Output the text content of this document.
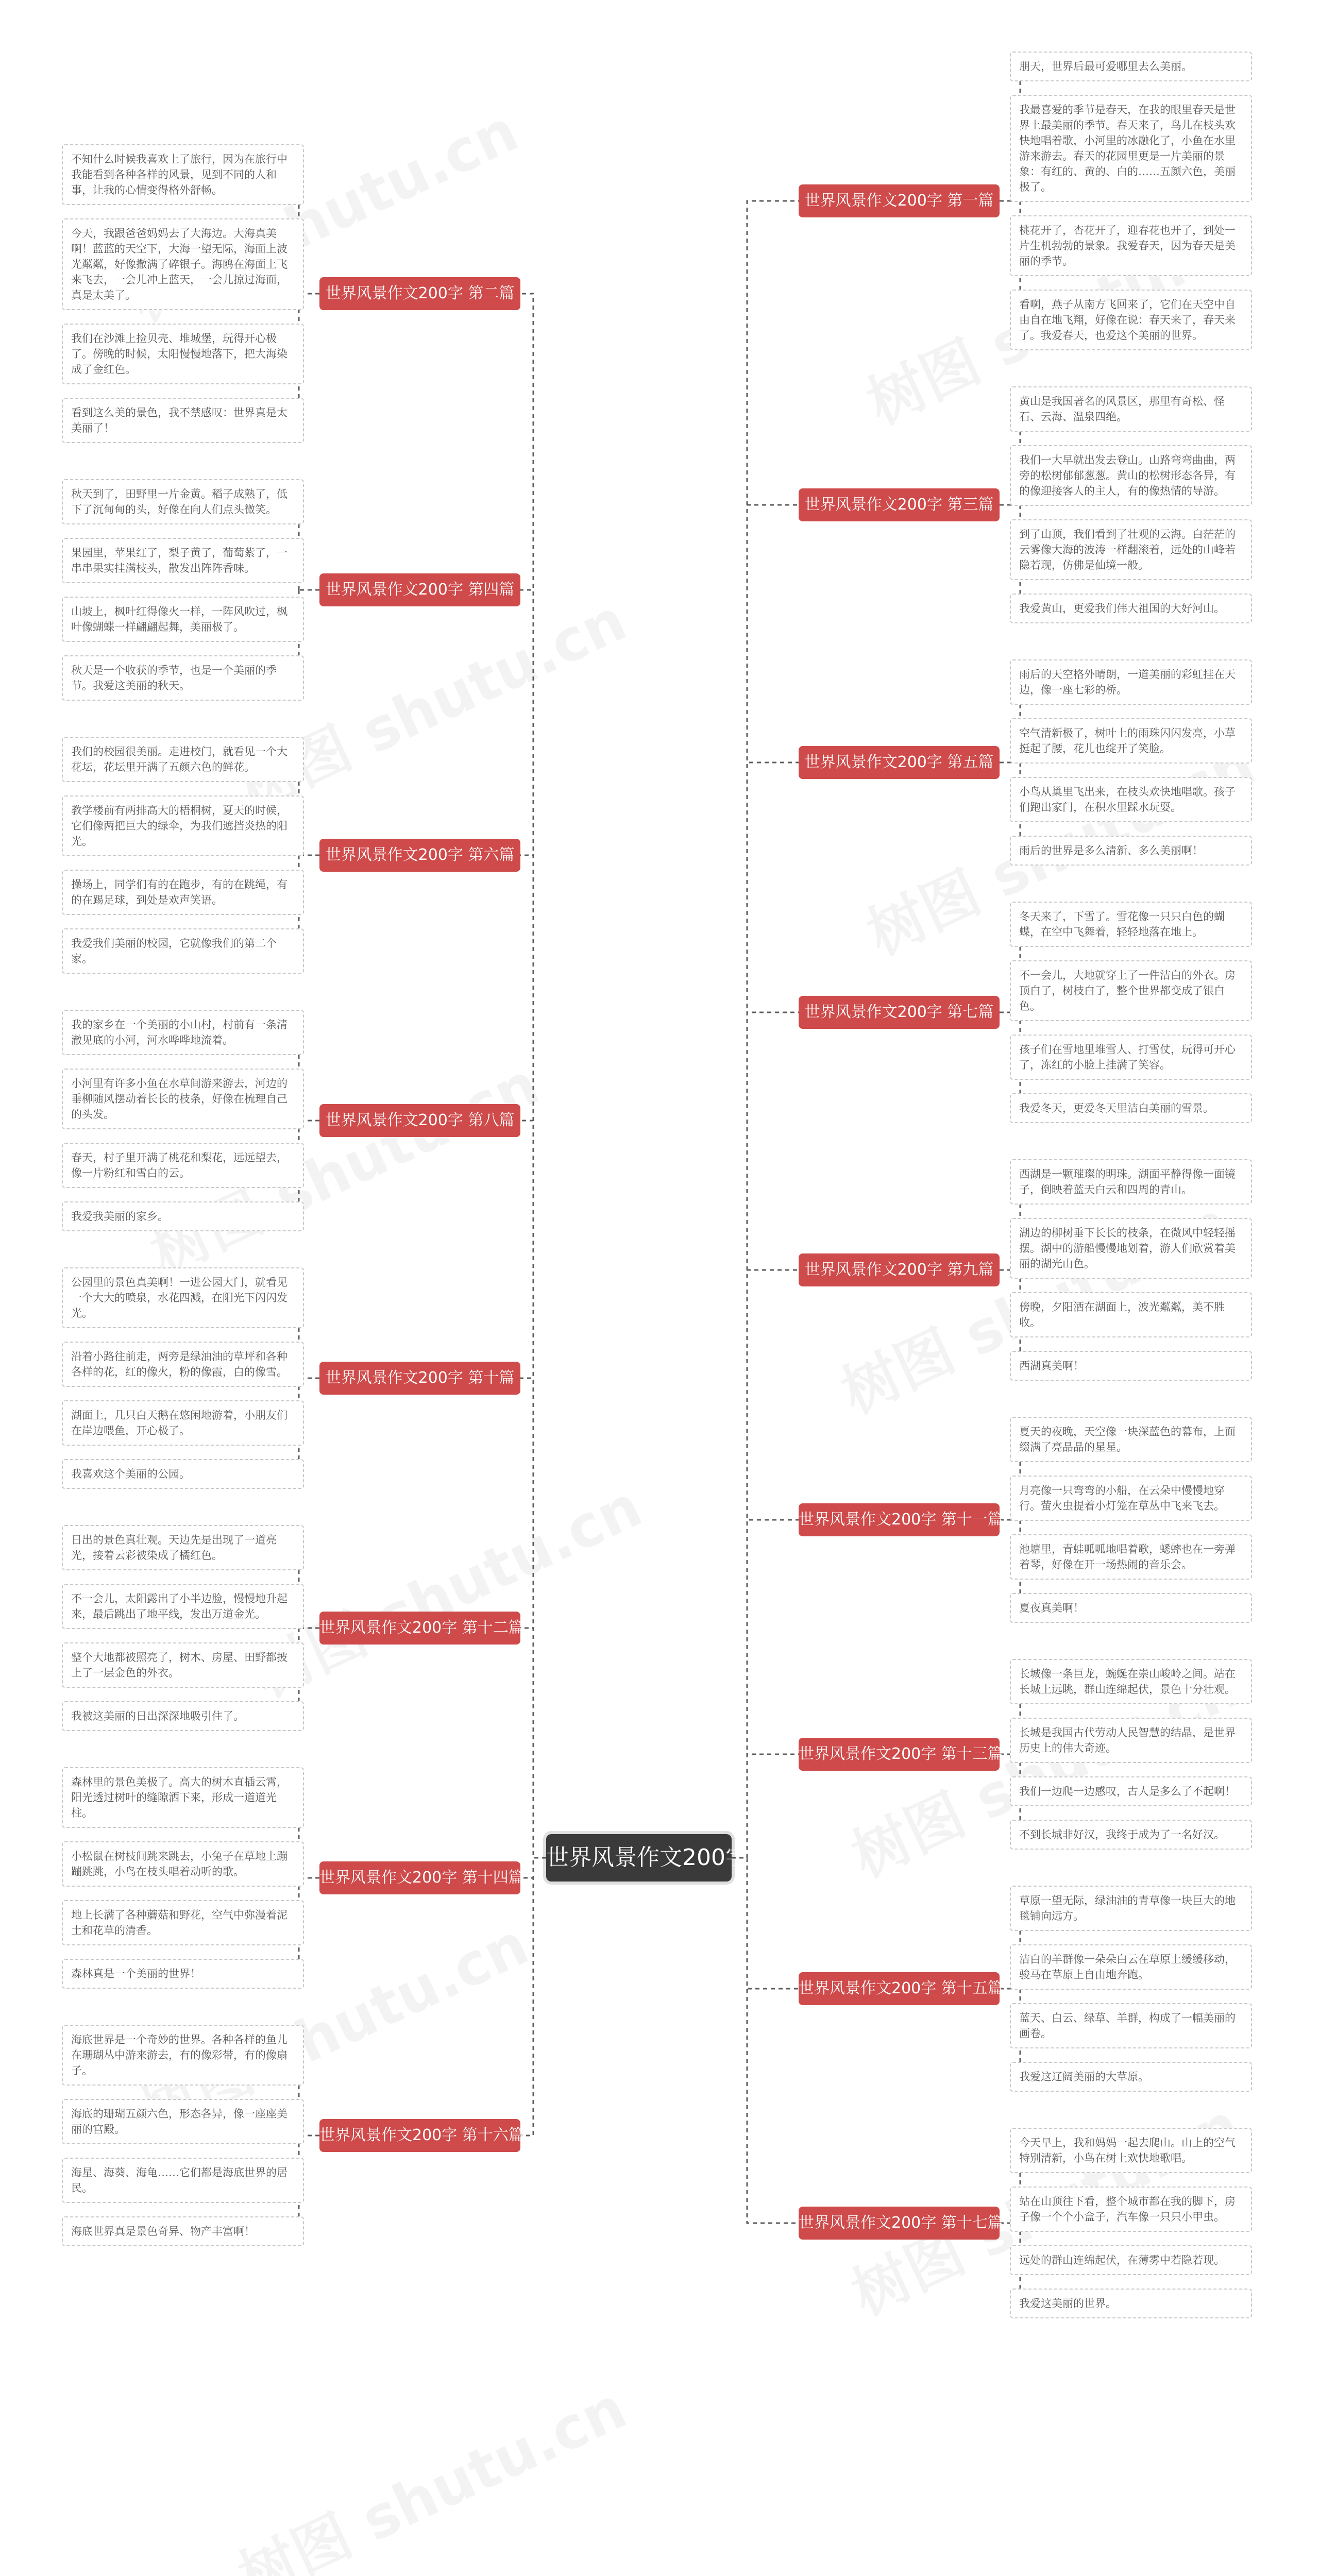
世界风景作文200字17篇
朋天，世界后最可爱哪里去么美丽。
我最喜爱的季节是春天，在我的眼里春天是世界上最美丽的季节。春天来了，鸟儿在枝头欢快地唱着歌，小河里的冰融化了，小鱼在水里游来游去。春天的花园里更是一片美丽的景象：有红的、黄的、白的……五颜六色，美丽极了。
桃花开了，杏花开了，迎春花也开了，到处一片生机勃勃的景象。我爱春天，因为春天是美丽的季节。
看啊，燕子从南方飞回来了，它们在天空中自由自在地飞翔，好像在说：春天来了，春天来了。我爱春天，也爱这个美丽的世界。
世界风景作文200字 第一篇
不知什么时候我喜欢上了旅行，因为在旅行中我能看到各种各样的风景，见到不同的人和事，让我的心情变得格外舒畅。
今天，我跟爸爸妈妈去了大海边。大海真美啊！蓝蓝的天空下，大海一望无际，海面上波光粼粼，好像撒满了碎银子。海鸥在海面上飞来飞去，一会儿冲上蓝天，一会儿掠过海面，真是太美了。
我们在沙滩上捡贝壳、堆城堡，玩得开心极了。傍晚的时候，太阳慢慢地落下，把大海染成了金红色。
看到这么美的景色，我不禁感叹：世界真是太美丽了！
世界风景作文200字 第二篇
黄山是我国著名的风景区，那里有奇松、怪石、云海、温泉四绝。
我们一大早就出发去登山。山路弯弯曲曲，两旁的松树郁郁葱葱。黄山的松树形态各异，有的像迎接客人的主人，有的像热情的导游。
到了山顶，我们看到了壮观的云海。白茫茫的云雾像大海的波涛一样翻滚着，远处的山峰若隐若现，仿佛是仙境一般。
我爱黄山，更爱我们伟大祖国的大好河山。
世界风景作文200字 第三篇
秋天到了，田野里一片金黄。稻子成熟了，低下了沉甸甸的头，好像在向人们点头微笑。
果园里，苹果红了，梨子黄了，葡萄紫了，一串串果实挂满枝头，散发出阵阵香味。
山坡上，枫叶红得像火一样，一阵风吹过，枫叶像蝴蝶一样翩翩起舞，美丽极了。
秋天是一个收获的季节，也是一个美丽的季节。我爱这美丽的秋天。
世界风景作文200字 第四篇
雨后的天空格外晴朗，一道美丽的彩虹挂在天边，像一座七彩的桥。
空气清新极了，树叶上的雨珠闪闪发亮，小草挺起了腰，花儿也绽开了笑脸。
小鸟从巢里飞出来，在枝头欢快地唱歌。孩子们跑出家门，在积水里踩水玩耍。
雨后的世界是多么清新、多么美丽啊！
世界风景作文200字 第五篇
我们的校园很美丽。走进校门，就看见一个大花坛，花坛里开满了五颜六色的鲜花。
教学楼前有两排高大的梧桐树，夏天的时候，它们像两把巨大的绿伞，为我们遮挡炎热的阳光。
操场上，同学们有的在跑步，有的在跳绳，有的在踢足球，到处是欢声笑语。
我爱我们美丽的校园，它就像我们的第二个家。
世界风景作文200字 第六篇
冬天来了，下雪了。雪花像一只只白色的蝴蝶，在空中飞舞着，轻轻地落在地上。
不一会儿，大地就穿上了一件洁白的外衣。房顶白了，树枝白了，整个世界都变成了银白色。
孩子们在雪地里堆雪人、打雪仗，玩得可开心了，冻红的小脸上挂满了笑容。
我爱冬天，更爱冬天里洁白美丽的雪景。
世界风景作文200字 第七篇
我的家乡在一个美丽的小山村，村前有一条清澈见底的小河，河水哗哗地流着。
小河里有许多小鱼在水草间游来游去，河边的垂柳随风摆动着长长的枝条，好像在梳理自己的头发。
春天，村子里开满了桃花和梨花，远远望去，像一片粉红和雪白的云。
我爱我美丽的家乡。
世界风景作文200字 第八篇
西湖是一颗璀璨的明珠。湖面平静得像一面镜子，倒映着蓝天白云和四周的青山。
湖边的柳树垂下长长的枝条，在微风中轻轻摇摆。湖中的游船慢慢地划着，游人们欣赏着美丽的湖光山色。
傍晚，夕阳洒在湖面上，波光粼粼，美不胜收。
西湖真美啊！
世界风景作文200字 第九篇
公园里的景色真美啊！一进公园大门，就看见一个大大的喷泉，水花四溅，在阳光下闪闪发光。
沿着小路往前走，两旁是绿油油的草坪和各种各样的花，红的像火，粉的像霞，白的像雪。
湖面上，几只白天鹅在悠闲地游着，小朋友们在岸边喂鱼，开心极了。
我喜欢这个美丽的公园。
世界风景作文200字 第十篇
夏天的夜晚，天空像一块深蓝色的幕布，上面缀满了亮晶晶的星星。
月亮像一只弯弯的小船，在云朵中慢慢地穿行。萤火虫提着小灯笼在草丛中飞来飞去。
池塘里，青蛙呱呱地唱着歌，蟋蟀也在一旁弹着琴，好像在开一场热闹的音乐会。
夏夜真美啊！
世界风景作文200字 第十一篇
日出的景色真壮观。天边先是出现了一道亮光，接着云彩被染成了橘红色。
不一会儿，太阳露出了小半边脸，慢慢地升起来，最后跳出了地平线，发出万道金光。
整个大地都被照亮了，树木、房屋、田野都披上了一层金色的外衣。
我被这美丽的日出深深地吸引住了。
世界风景作文200字 第十二篇
长城像一条巨龙，蜿蜒在崇山峻岭之间。站在长城上远眺，群山连绵起伏，景色十分壮观。
长城是我国古代劳动人民智慧的结晶，是世界历史上的伟大奇迹。
我们一边爬一边感叹，古人是多么了不起啊！
不到长城非好汉，我终于成为了一名好汉。
世界风景作文200字 第十三篇
森林里的景色美极了。高大的树木直插云霄，阳光透过树叶的缝隙洒下来，形成一道道光柱。
小松鼠在树枝间跳来跳去，小兔子在草地上蹦蹦跳跳，小鸟在枝头唱着动听的歌。
地上长满了各种蘑菇和野花，空气中弥漫着泥土和花草的清香。
森林真是一个美丽的世界！
世界风景作文200字 第十四篇
草原一望无际，绿油油的青草像一块巨大的地毯铺向远方。
洁白的羊群像一朵朵白云在草原上缓缓移动，骏马在草原上自由地奔跑。
蓝天、白云、绿草、羊群，构成了一幅美丽的画卷。
我爱这辽阔美丽的大草原。
世界风景作文200字 第十五篇
海底世界是一个奇妙的世界。各种各样的鱼儿在珊瑚丛中游来游去，有的像彩带，有的像扇子。
海底的珊瑚五颜六色，形态各异，像一座座美丽的宫殿。
海星、海葵、海龟……它们都是海底世界的居民。
海底世界真是景色奇异、物产丰富啊！
世界风景作文200字 第十六篇	今天早上，我和妈妈一起去爬山。山上的空气特别清新，小鸟在树上欢快地歌唱。
站在山顶往下看，整个城市都在我的脚下，房子像一个个小盒子，汽车像一只只小甲虫。
远处的群山连绵起伏，在薄雾中若隐若现。
我爱这美丽的世界。
世界风景作文200字 第十七篇
